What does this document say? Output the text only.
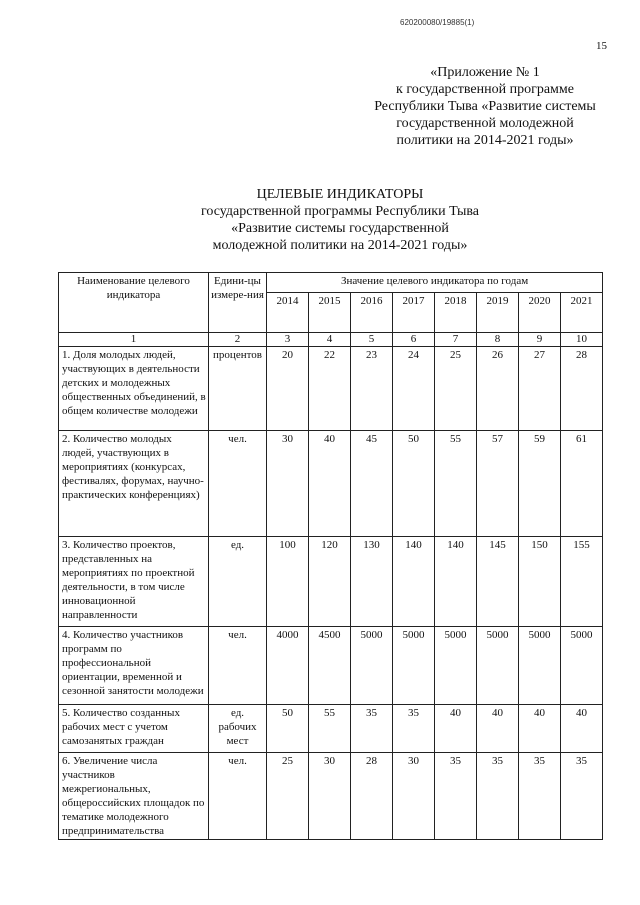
620200080/19885(1)
15
«Приложение № 1
к государственной программе
Республики Тыва «Развитие системы
государственной молодежной
политики на 2014-2021 годы»
ЦЕЛЕВЫЕ ИНДИКАТОРЫ
государственной программы Республики Тыва
«Развитие системы государственной
молодежной политики на 2014-2021 годы»
Наименование целевого индикатора	Едини-цы измере-ния	Значение целевого индикатора по годам							
		2014	2015	2016	2017	2018	2019	2020	2021
1	2	3	4	5	6	7	8	9	10
1. Доля молодых людей, участвующих в деятельности детских и молодежных общественных объединений, в общем количестве молодежи	процентов	20	22	23	24	25	26	27	28
2. Количество молодых людей, участвующих в мероприятиях (конкурсах, фестивалях, форумах, научно-практических конференциях)	чел.	30	40	45	50	55	57	59	61
3. Количество проектов, представленных на мероприятиях по проектной деятельности, в том числе инновационной направленности	ед.	100	120	130	140	140	145	150	155
4. Количество участников программ по профессиональной ориентации, временной и сезонной занятости молодежи	чел.	4000	4500	5000	5000	5000	5000	5000	5000
5. Количество созданных рабочих мест с учетом самозанятых граждан	ед. рабочих мест	50	55	35	35	40	40	40	40
6. Увеличение числа участников межрегиональных, общероссийских площадок по тематике молодежного предпринимательства	чел.	25	30	28	30	35	35	35	35
